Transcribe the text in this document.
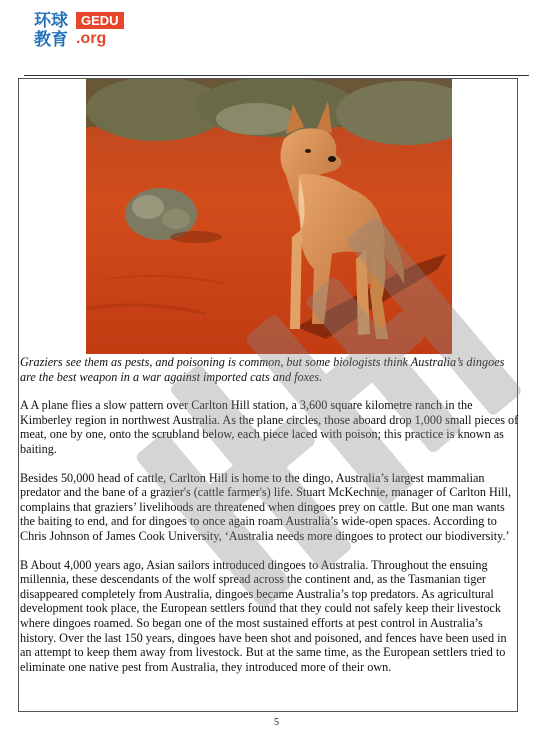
环球
教育
GEDU
.org

Graziers see them as pests, and poisoning is common, but some biologists think Australia’s dingoes are the best weapon in a war against imported cats and foxes.

A A plane flies a slow pattern over Carlton Hill station, a 3,600 square kilometre ranch in the Kimberley region in northwest Australia. As the plane circles, those aboard drop 1,000 small pieces of meat, one by one, onto the scrubland below, each piece laced with poison; this practice is known as baiting.

Besides 50,000 head of cattle, Carlton Hill is home to the dingo, Australia’s largest mammalian predator and the bane of a grazier's (cattle farmer's) life. Stuart McKechnie, manager of Carlton Hill, complains that graziers’ livelihoods are threatened when dingoes prey on cattle. But one man wants the baiting to end, and for dingoes to once again roam Australia’s wide-open spaces. According to Chris Johnson of James Cook University, ‘Australia needs more dingoes to protect our biodiversity.’

B About 4,000 years ago, Asian sailors introduced dingoes to Australia. Throughout the ensuing millennia, these descendants of the wolf spread across the continent and, as the Tasmanian tiger disappeared completely from Australia, dingoes became Australia’s top predators. As agricultural development took place, the European settlers found that they could not safely keep their livestock where dingoes roamed. So began one of the most sustained efforts at pest control in Australia’s history. Over the last 150 years, dingoes have been shot and poisoned, and fences have been used in an attempt to keep them away from livestock. But at the same time, as the European settlers tried to eliminate one native pest from Australia, they introduced more of their own.

5
